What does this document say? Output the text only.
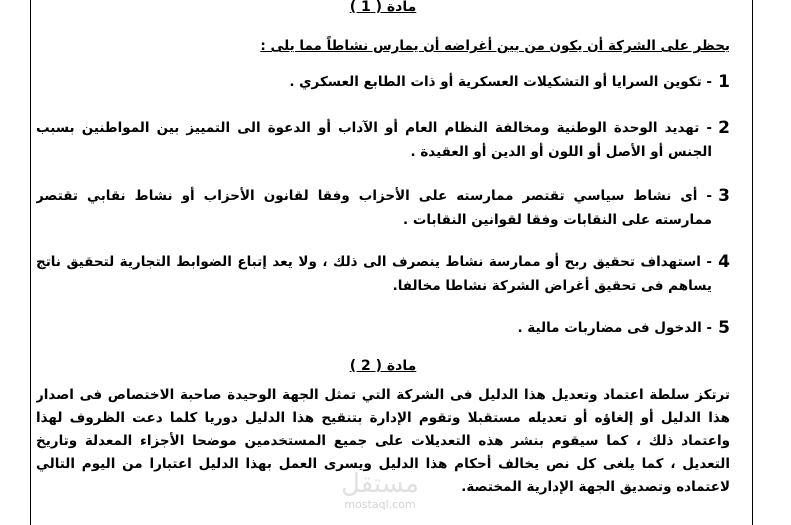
مادة ( 1 )
يحظر على الشركة أن يكون من بين أغراضه أن يمارس نشاطاً مما يلى :
1
- تكوين السرايا أو التشكيلات العسكرية أو ذات الطابع العسكري .
2
- تهديد الوحدة الوطنية ومخالفة النظام العام أو الآداب أو الدعوة الى التمييز بين المواطنين بسبب الجنس أو الأصل أو اللون أو الدين أو العقيدة .
3
- أى نشاط سياسي تقتصر ممارسته على الأحزاب وفقا لقانون الأحزاب أو نشاط نقابي تقتصر ممارسته على النقابات وفقا لقوانين النقابات .
4
- استهداف تحقيق ربح أو ممارسة نشاط ينصرف الى ذلك ، ولا يعد إتباع الضوابط التجارية لتحقيق ناتج يساهم فى تحقيق أغراض الشركة نشاطا مخالفا.
5
- الدخول فى مضاربات مالية .
مادة ( 2 )
ترتكز سلطة اعتماد وتعديل هذا الدليل فى الشركة التي تمثل الجهة الوحيدة صاحبة الاختصاص فى اصدار هذا الدليل أو إلغاؤه أو تعديله مستقبلا وتقوم الإدارة بتنقيح هذا الدليل دوريا كلما دعت الظروف لهذا واعتماد ذلك ، كما سيقوم بنشر هذه التعديلات على جميع المستخدمين موضحا الأجزاء المعدلة وتاريخ التعديل ، كما يلغى كل نص يخالف أحكام هذا الدليل ويسرى العمل بهذا الدليل اعتبارا من اليوم التالي لاعتماده وتصديق الجهة الإدارية المختصة.
مستقل
mostaql.com
